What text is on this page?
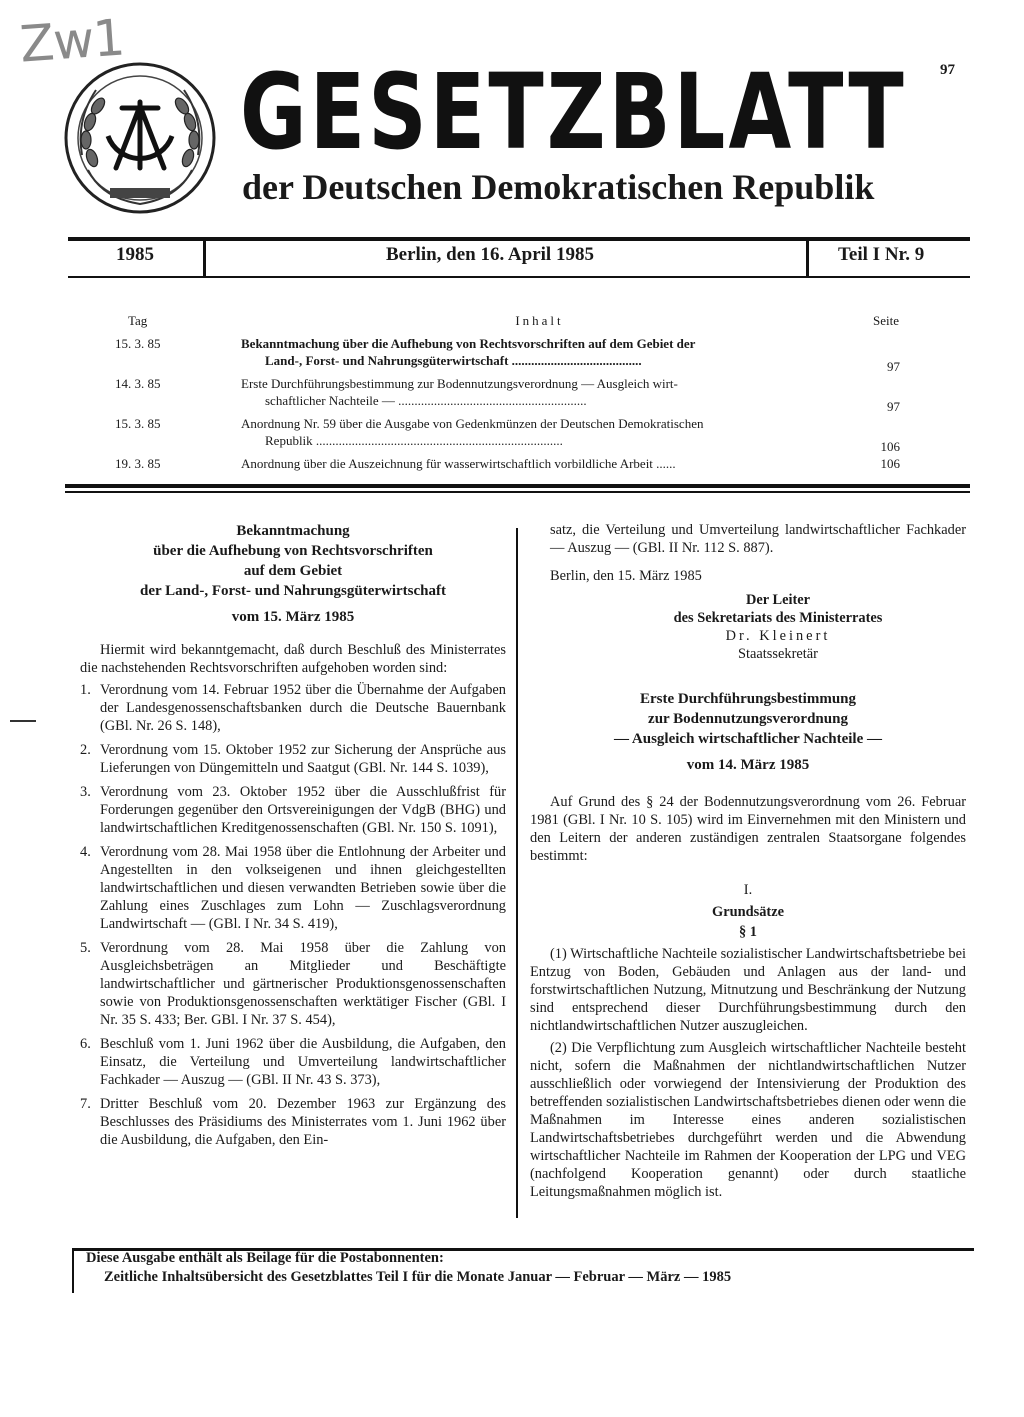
Zw1
GESETZBLATT
der Deutschen Demokratischen Republik
97
1985	Berlin, den 16. April 1985	Teil I Nr. 9
Tag	Inhalt	Seite
15. 3. 85	Bekanntmachung über die Aufhebung von Rechtsvorschriften auf dem Gebiet der
Land-, Forst- und Nahrungsgüterwirtschaft ........................................	97
14. 3. 85	Erste Durchführungsbestimmung zur Bodennutzungsverordnung — Ausgleich wirt-
schaftlicher Nachteile — ..........................................................	97
15. 3. 85	Anordnung Nr. 59 über die Ausgabe von Gedenkmünzen der Deutschen Demokratischen
Republik ............................................................................	106
19. 3. 85	Anordnung über die Auszeichnung für wasserwirtschaftlich vorbildliche Arbeit ......	106
Bekanntmachung
über die Aufhebung von Rechtsvorschriften
auf dem Gebiet
der Land-, Forst- und Nahrungsgüterwirtschaft
vom 15. März 1985

Hiermit wird bekanntgemacht, daß durch Beschluß des Ministerrates die nachstehenden Rechtsvorschriften aufgehoben worden sind:

1. Verordnung vom 14. Februar 1952 über die Übernahme der Aufgaben der Landesgenossenschaftsbanken durch die Deutsche Bauernbank (GBl. Nr. 26 S. 148),
2. Verordnung vom 15. Oktober 1952 zur Sicherung der Ansprüche aus Lieferungen von Düngemitteln und Saatgut (GBl. Nr. 144 S. 1039),
3. Verordnung vom 23. Oktober 1952 über die Ausschlußfrist für Forderungen gegenüber den Ortsvereinigungen der VdgB (BHG) und landwirtschaftlichen Kreditgenossenschaften (GBl. Nr. 150 S. 1091),
4. Verordnung vom 28. Mai 1958 über die Entlohnung der Arbeiter und Angestellten in den volkseigenen und ihnen gleichgestellten landwirtschaftlichen und diesen verwandten Betrieben sowie über die Zahlung eines Zuschlages zum Lohn — Zuschlagsverordnung Landwirtschaft — (GBl. I Nr. 34 S. 419),
5. Verordnung vom 28. Mai 1958 über die Zahlung von Ausgleichsbeträgen an Mitglieder und Beschäftigte landwirtschaftlicher und gärtnerischer Produktionsgenossenschaften sowie von Produktionsgenossenschaften werktätiger Fischer (GBl. I Nr. 35 S. 433; Ber. GBl. I Nr. 37 S. 454),
6. Beschluß vom 1. Juni 1962 über die Ausbildung, die Aufgaben, den Einsatz, die Verteilung und Umverteilung landwirtschaftlicher Fachkader — Auszug — (GBl. II Nr. 43 S. 373),
7. Dritter Beschluß vom 20. Dezember 1963 zur Ergänzung des Beschlusses des Präsidiums des Ministerrates vom 1. Juni 1962 über die Ausbildung, die Aufgaben, den Ein-

satz, die Verteilung und Umverteilung landwirtschaftlicher Fachkader — Auszug — (GBl. II Nr. 112 S. 887).

Berlin, den 15. März 1985

Der Leiter
des Sekretariats des Ministerrates
Dr. Kleinert
Staatssekretär
Erste Durchführungsbestimmung
zur Bodennutzungsverordnung
— Ausgleich wirtschaftlicher Nachteile —
vom 14. März 1985

Auf Grund des § 24 der Bodennutzungsverordnung vom 26. Februar 1981 (GBl. I Nr. 10 S. 105) wird im Einvernehmen mit den Ministern und den Leitern der anderen zuständigen zentralen Staatsorgane folgendes bestimmt:

I.
Grundsätze
§ 1

(1) Wirtschaftliche Nachteile sozialistischer Landwirtschaftsbetriebe bei Entzug von Boden, Gebäuden und Anlagen aus der land- und forstwirtschaftlichen Nutzung, Mitnutzung und Beschränkung der Nutzung sind entsprechend dieser Durchführungsbestimmung durch den nichtlandwirtschaftlichen Nutzer auszugleichen.

(2) Die Verpflichtung zum Ausgleich wirtschaftlicher Nachteile besteht nicht, sofern die Maßnahmen der nichtlandwirtschaftlichen Nutzer ausschließlich oder vorwiegend der Intensivierung der Produktion des betreffenden sozialistischen Landwirtschaftsbetriebes dienen oder wenn die Maßnahmen im Interesse eines anderen sozialistischen Landwirtschaftsbetriebes durchgeführt werden und die Abwendung wirtschaftlicher Nachteile im Rahmen der Kooperation der LPG und VEG (nachfolgend Kooperation genannt) oder durch staatliche Leitungsmaßnahmen möglich ist.

Diese Ausgabe enthält als Beilage für die Postabonnenten:
Zeitliche Inhaltsübersicht des Gesetzblattes Teil I für die Monate Januar — Februar — März — 1985
